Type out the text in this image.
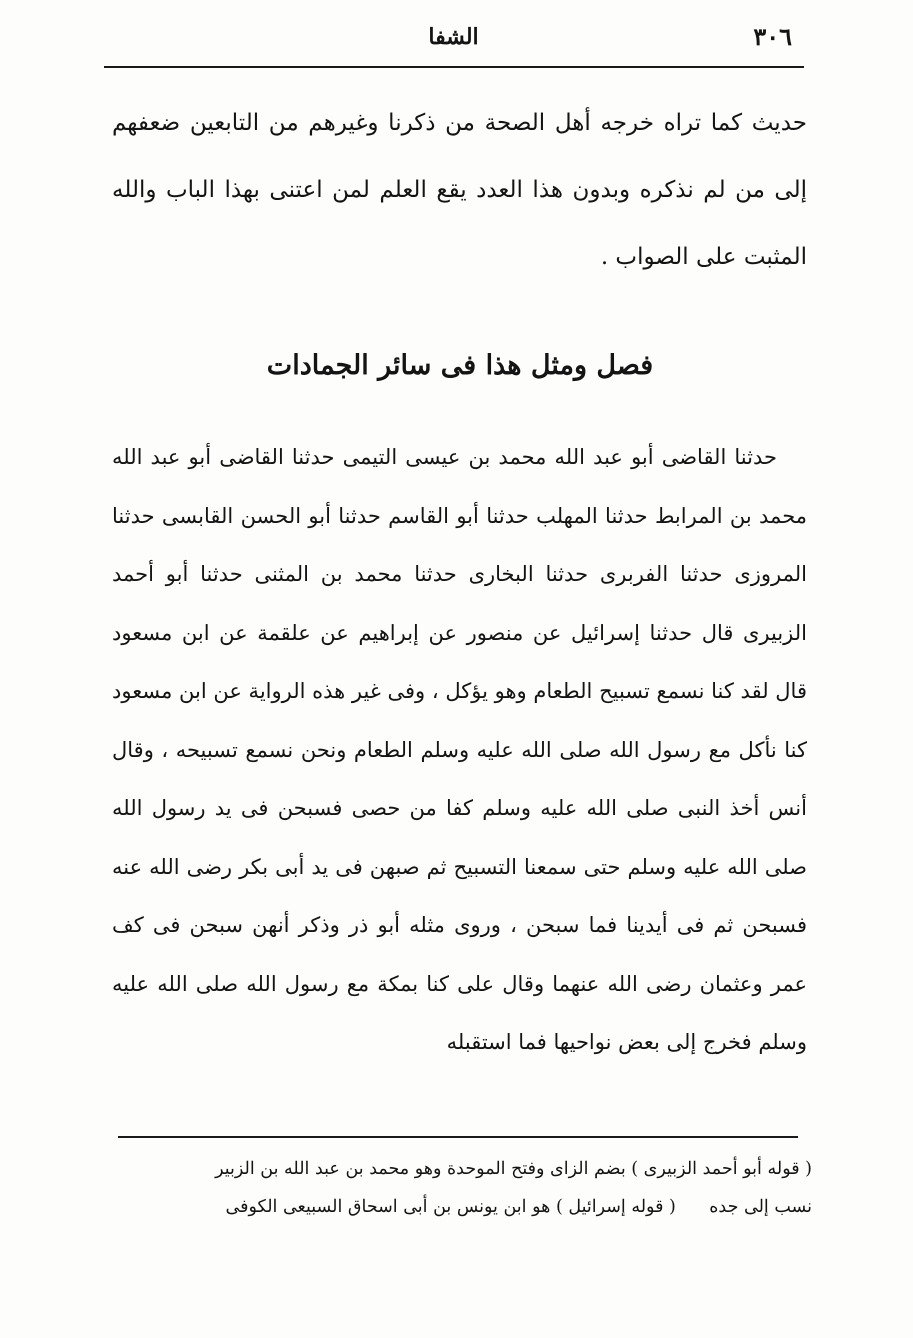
٣٠٦
الشفا

حديث كما تراه خرجه أهل الصحة من ذكرنا وغيرهم من التابعين ضعفهم إلى من لم نذكره وبدون هذا العدد يقع العلم لمن اعتنى بهذا الباب والله المثبت على الصواب .

فصل ومثل هذا فى سائر الجمادات

حدثنا القاضى أبو عبد الله محمد بن عيسى التيمى حدثنا القاضى أبو عبد الله محمد بن المرابط حدثنا المهلب حدثنا أبو القاسم حدثنا أبو الحسن القابسى حدثنا المروزى حدثنا الفربرى حدثنا البخارى حدثنا محمد بن المثنى حدثنا أبو أحمد الزبيرى قال حدثنا إسرائيل عن منصور عن إبراهيم عن علقمة عن ابن مسعود قال لقد كنا نسمع تسبيح الطعام وهو يؤكل ، وفى غير هذه الرواية عن ابن مسعود كنا نأكل مع رسول الله صلى الله عليه وسلم الطعام ونحن نسمع تسبيحه ، وقال أنس أخذ النبى صلى الله عليه وسلم كفا من حصى فسبحن فى يد رسول الله صلى الله عليه وسلم حتى سمعنا التسبيح ثم صبهن فى يد أبى بكر رضى الله عنه فسبحن ثم فى أيدينا فما سبحن ، وروى مثله أبو ذر وذكر أنهن سبحن فى كف عمر وعثمان رضى الله عنهما وقال على كنا بمكة مع رسول الله صلى الله عليه وسلم فخرج إلى بعض نواحيها فما استقبله

( قوله أبو أحمد الزبيرى ) بضم الزاى وفتح الموحدة وهو محمد بن عبد الله بن الزبير
نسب إلى جده      ( قوله إسرائيل ) هو ابن يونس بن أبى اسحاق السبيعى الكوفى
